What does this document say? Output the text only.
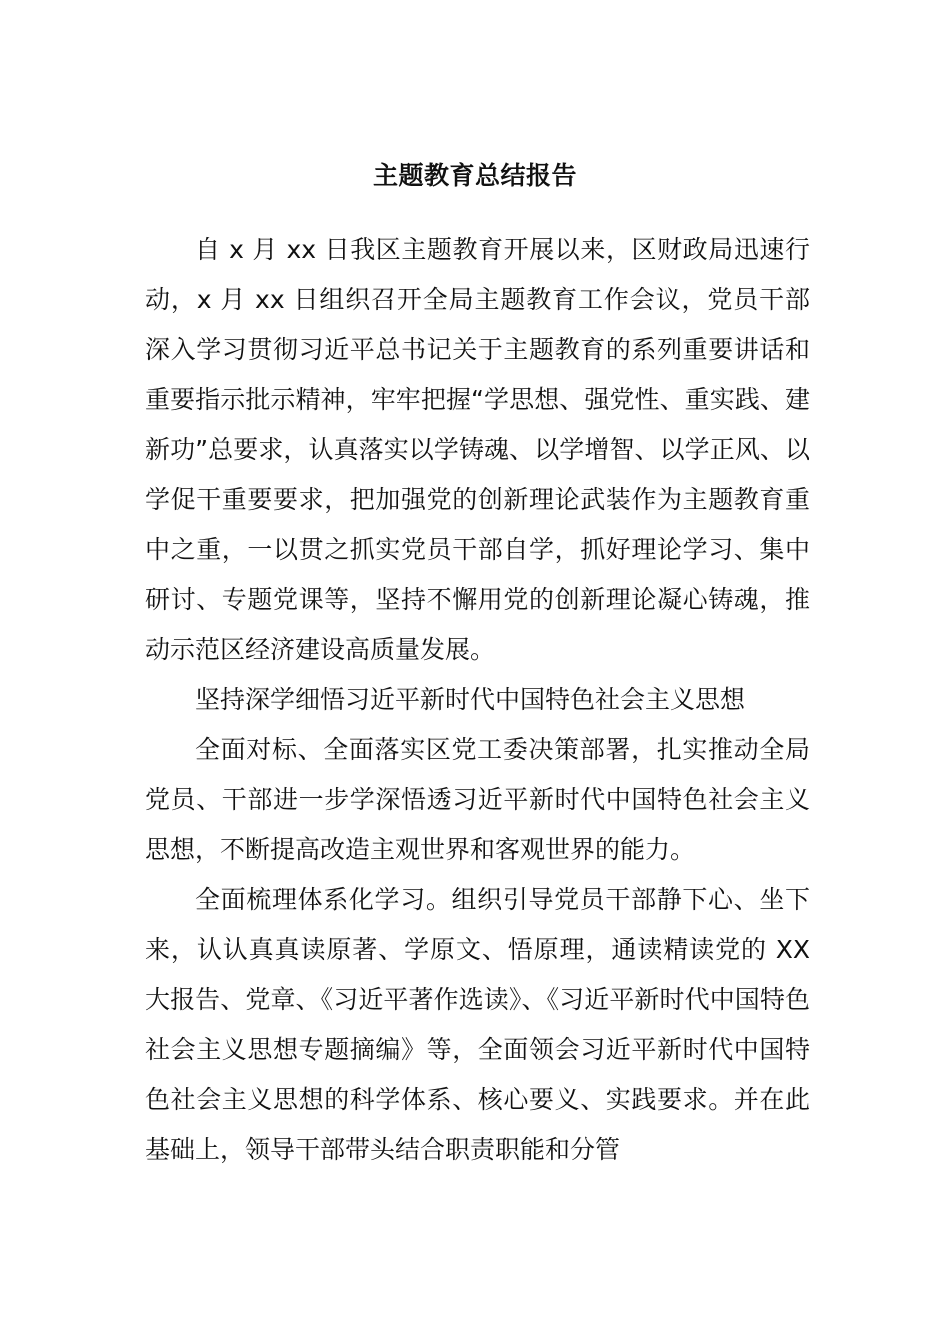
主题教育总结报告

自 x 月 xx 日我区主题教育开展以来，区财政局迅速行动，x 月 xx 日组织召开全局主题教育工作会议，党员干部深入学习贯彻习近平总书记关于主题教育的系列重要讲话和重要指示批示精神，牢牢把握“学思想、强党性、重实践、建新功”总要求，认真落实以学铸魂、以学增智、以学正风、以学促干重要要求，把加强党的创新理论武装作为主题教育重中之重，一以贯之抓实党员干部自学，抓好理论学习、集中研讨、专题党课等，坚持不懈用党的创新理论凝心铸魂，推动示范区经济建设高质量发展。

坚持深学细悟习近平新时代中国特色社会主义思想

全面对标、全面落实区党工委决策部署，扎实推动全局党员、干部进一步学深悟透习近平新时代中国特色社会主义思想，不断提高改造主观世界和客观世界的能力。

全面梳理体系化学习。组织引导党员干部静下心、坐下来，认认真真读原著、学原文、悟原理，通读精读党的 XX 大报告、党章、《习近平著作选读》、《习近平新时代中国特色社会主义思想专题摘编》等，全面领会习近平新时代中国特色社会主义思想的科学体系、核心要义、实践要求。并在此基础上，领导干部带头结合职责职能和分管
